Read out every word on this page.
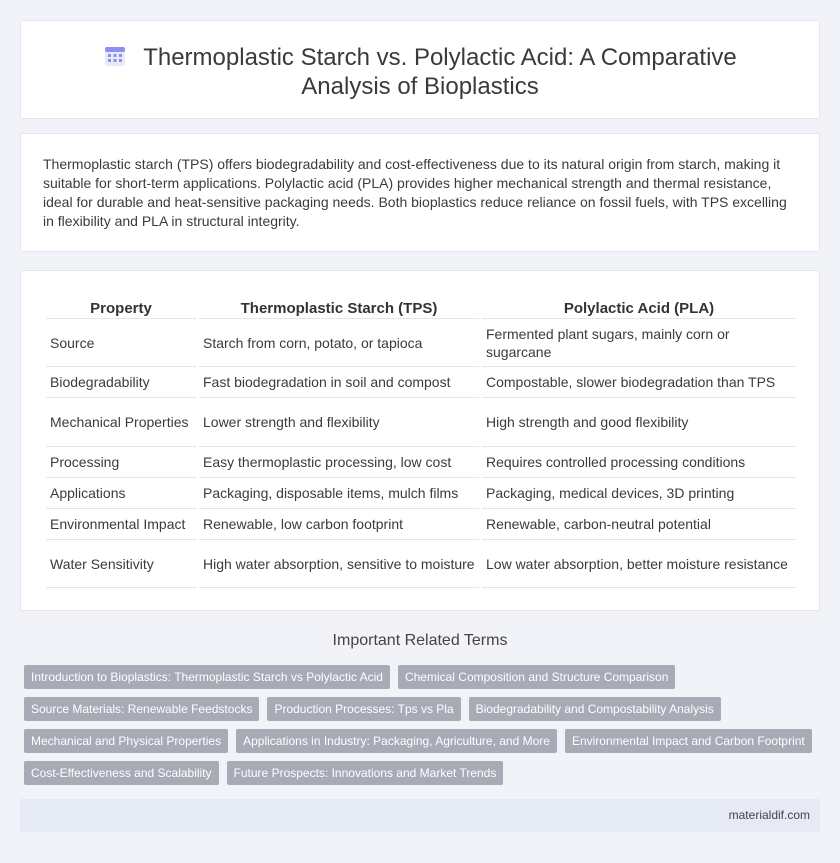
Thermoplastic Starch vs. Polylactic Acid: A Comparative Analysis of Bioplastics

Thermoplastic starch (TPS) offers biodegradability and cost-effectiveness due to its natural origin from starch, making it suitable for short-term applications. Polylactic acid (PLA) provides higher mechanical strength and thermal resistance, ideal for durable and heat-sensitive packaging needs. Both bioplastics reduce reliance on fossil fuels, with TPS excelling in flexibility and PLA in structural integrity.

Property	Thermoplastic Starch (TPS)	Polylactic Acid (PLA)
Source	Starch from corn, potato, or tapioca	Fermented plant sugars, mainly corn or sugarcane
Biodegradability	Fast biodegradation in soil and compost	Compostable, slower biodegradation than TPS
Mechanical Properties	Lower strength and flexibility	High strength and good flexibility
Processing	Easy thermoplastic processing, low cost	Requires controlled processing conditions
Applications	Packaging, disposable items, mulch films	Packaging, medical devices, 3D printing
Environmental Impact	Renewable, low carbon footprint	Renewable, carbon-neutral potential
Water Sensitivity	High water absorption, sensitive to moisture	Low water absorption, better moisture resistance
Important Related Terms
Introduction to Bioplastics: Thermoplastic Starch vs Polylactic Acid	Chemical Composition and Structure Comparison
Source Materials: Renewable Feedstocks	Production Processes: Tps vs Pla	Biodegradability and Compostability Analysis
Mechanical and Physical Properties	Applications in Industry: Packaging, Agriculture, and More	Environmental Impact and Carbon Footprint
Cost-Effectiveness and Scalability	Future Prospects: Innovations and Market Trends
materialdif.com
